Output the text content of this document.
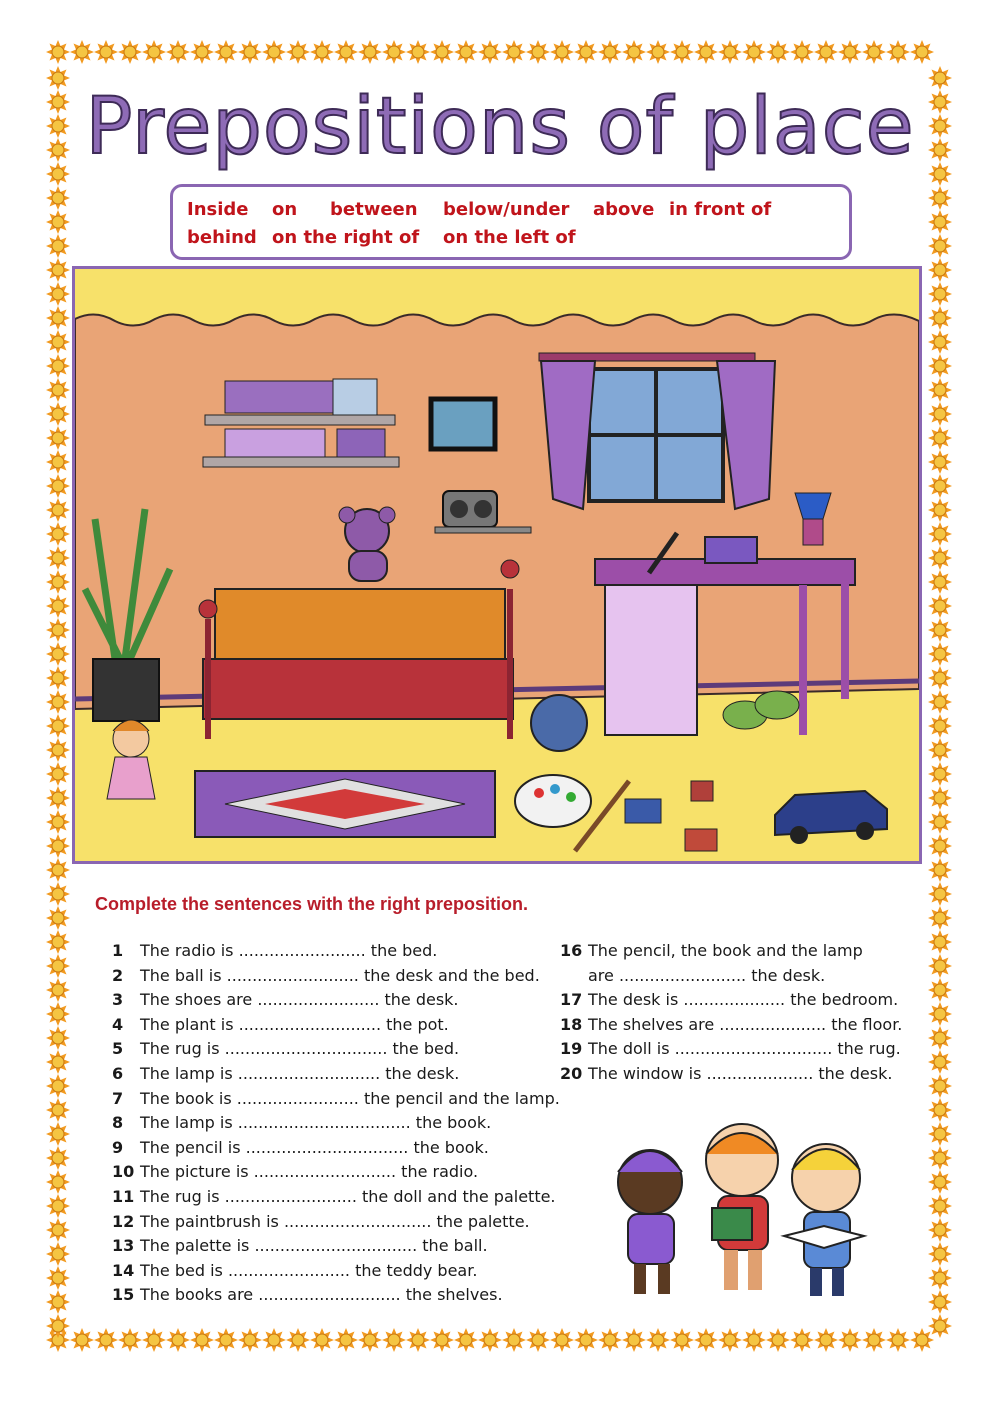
Prepositions of place
Inside on between below/under above in front of
behind on the right of on the left of
Complete the sentences with the right preposition.
1 The radio is ......................... the bed.
2 The ball is .......................... the desk and the bed.
3 The shoes are ........................ the desk.
4 The plant is ............................ the pot.
5 The rug is ................................ the bed.
6 The lamp is ............................ the desk.
7 The book is ........................ the pencil and the lamp.
8 The lamp is .................................. the book.
9 The pencil is ................................ the book.
10 The picture is ............................ the radio.
11 The rug is .......................... the doll and the palette.
12 The paintbrush is ............................. the palette.
13 The palette is ................................ the ball.
14 The bed is ........................ the teddy bear.
15 The books are ............................ the shelves.
16 The pencil, the book and the lamp
are ......................... the desk.
17 The desk is .................... the bedroom.
18 The shelves are ..................... the floor.
19 The doll is ............................... the rug.
20 The window is ..................... the desk.
